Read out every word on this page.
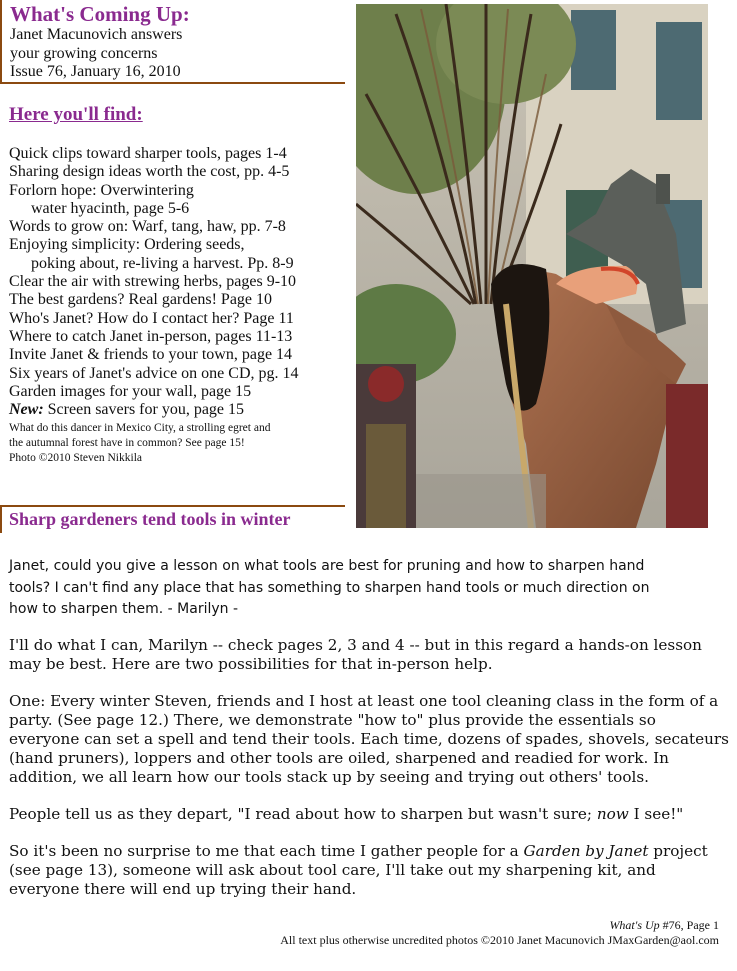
What's Coming Up:
Janet Macunovich answers
your growing concerns
Issue 76, January 16, 2010
Here you'll find:
Quick clips toward sharper tools, pages 1-4
Sharing design ideas worth the cost, pp. 4-5
Forlorn hope: Overwintering
water hyacinth, page 5-6
Words to grow on: Warf, tang, haw, pp. 7-8
Enjoying simplicity: Ordering seeds,
poking about, re-living a harvest. Pp. 8-9
Clear the air with strewing herbs, pages 9-10
The best gardens? Real gardens! Page 10
Who's Janet? How do I contact her? Page 11
Where to catch Janet in-person, pages 11-13
Invite Janet & friends to your town, page 14
Six years of Janet's advice on one CD, pg. 14
Garden images for your wall, page 15
New: Screen savers for you, page 15
What do this dancer in Mexico City, a strolling egret and
the autumnal forest have in common? See page 15!
Photo ©2010 Steven Nikkila
Sharp gardeners tend tools in winter
Janet, could you give a lesson on what tools are best for pruning and how to sharpen hand
tools? I can't find any place that has something to sharpen hand tools or much direction on
how to sharpen them. - Marilyn -

I'll do what I can, Marilyn -- check pages 2, 3 and 4 -- but in this regard a hands-on lesson may be best. Here are two possibilities for that in-person help.

One: Every winter Steven, friends and I host at least one tool cleaning class in the form of a party. (See page 12.) There, we demonstrate "how to" plus provide the essentials so everyone can set a spell and tend their tools. Each time, dozens of spades, shovels, secateurs (hand pruners), loppers and other tools are oiled, sharpened and readied for work. In addition, we all learn how our tools stack up by seeing and trying out others' tools.

People tell us as they depart, "I read about how to sharpen but wasn't sure; now I see!"

So it's been no surprise to me that each time I gather people for a Garden by Janet project (see page 13), someone will ask about tool care, I'll take out my sharpening kit, and everyone there will end up trying their hand.

What's Up #76, Page 1
All text plus otherwise uncredited photos ©2010 Janet Macunovich JMaxGarden@aol.com
